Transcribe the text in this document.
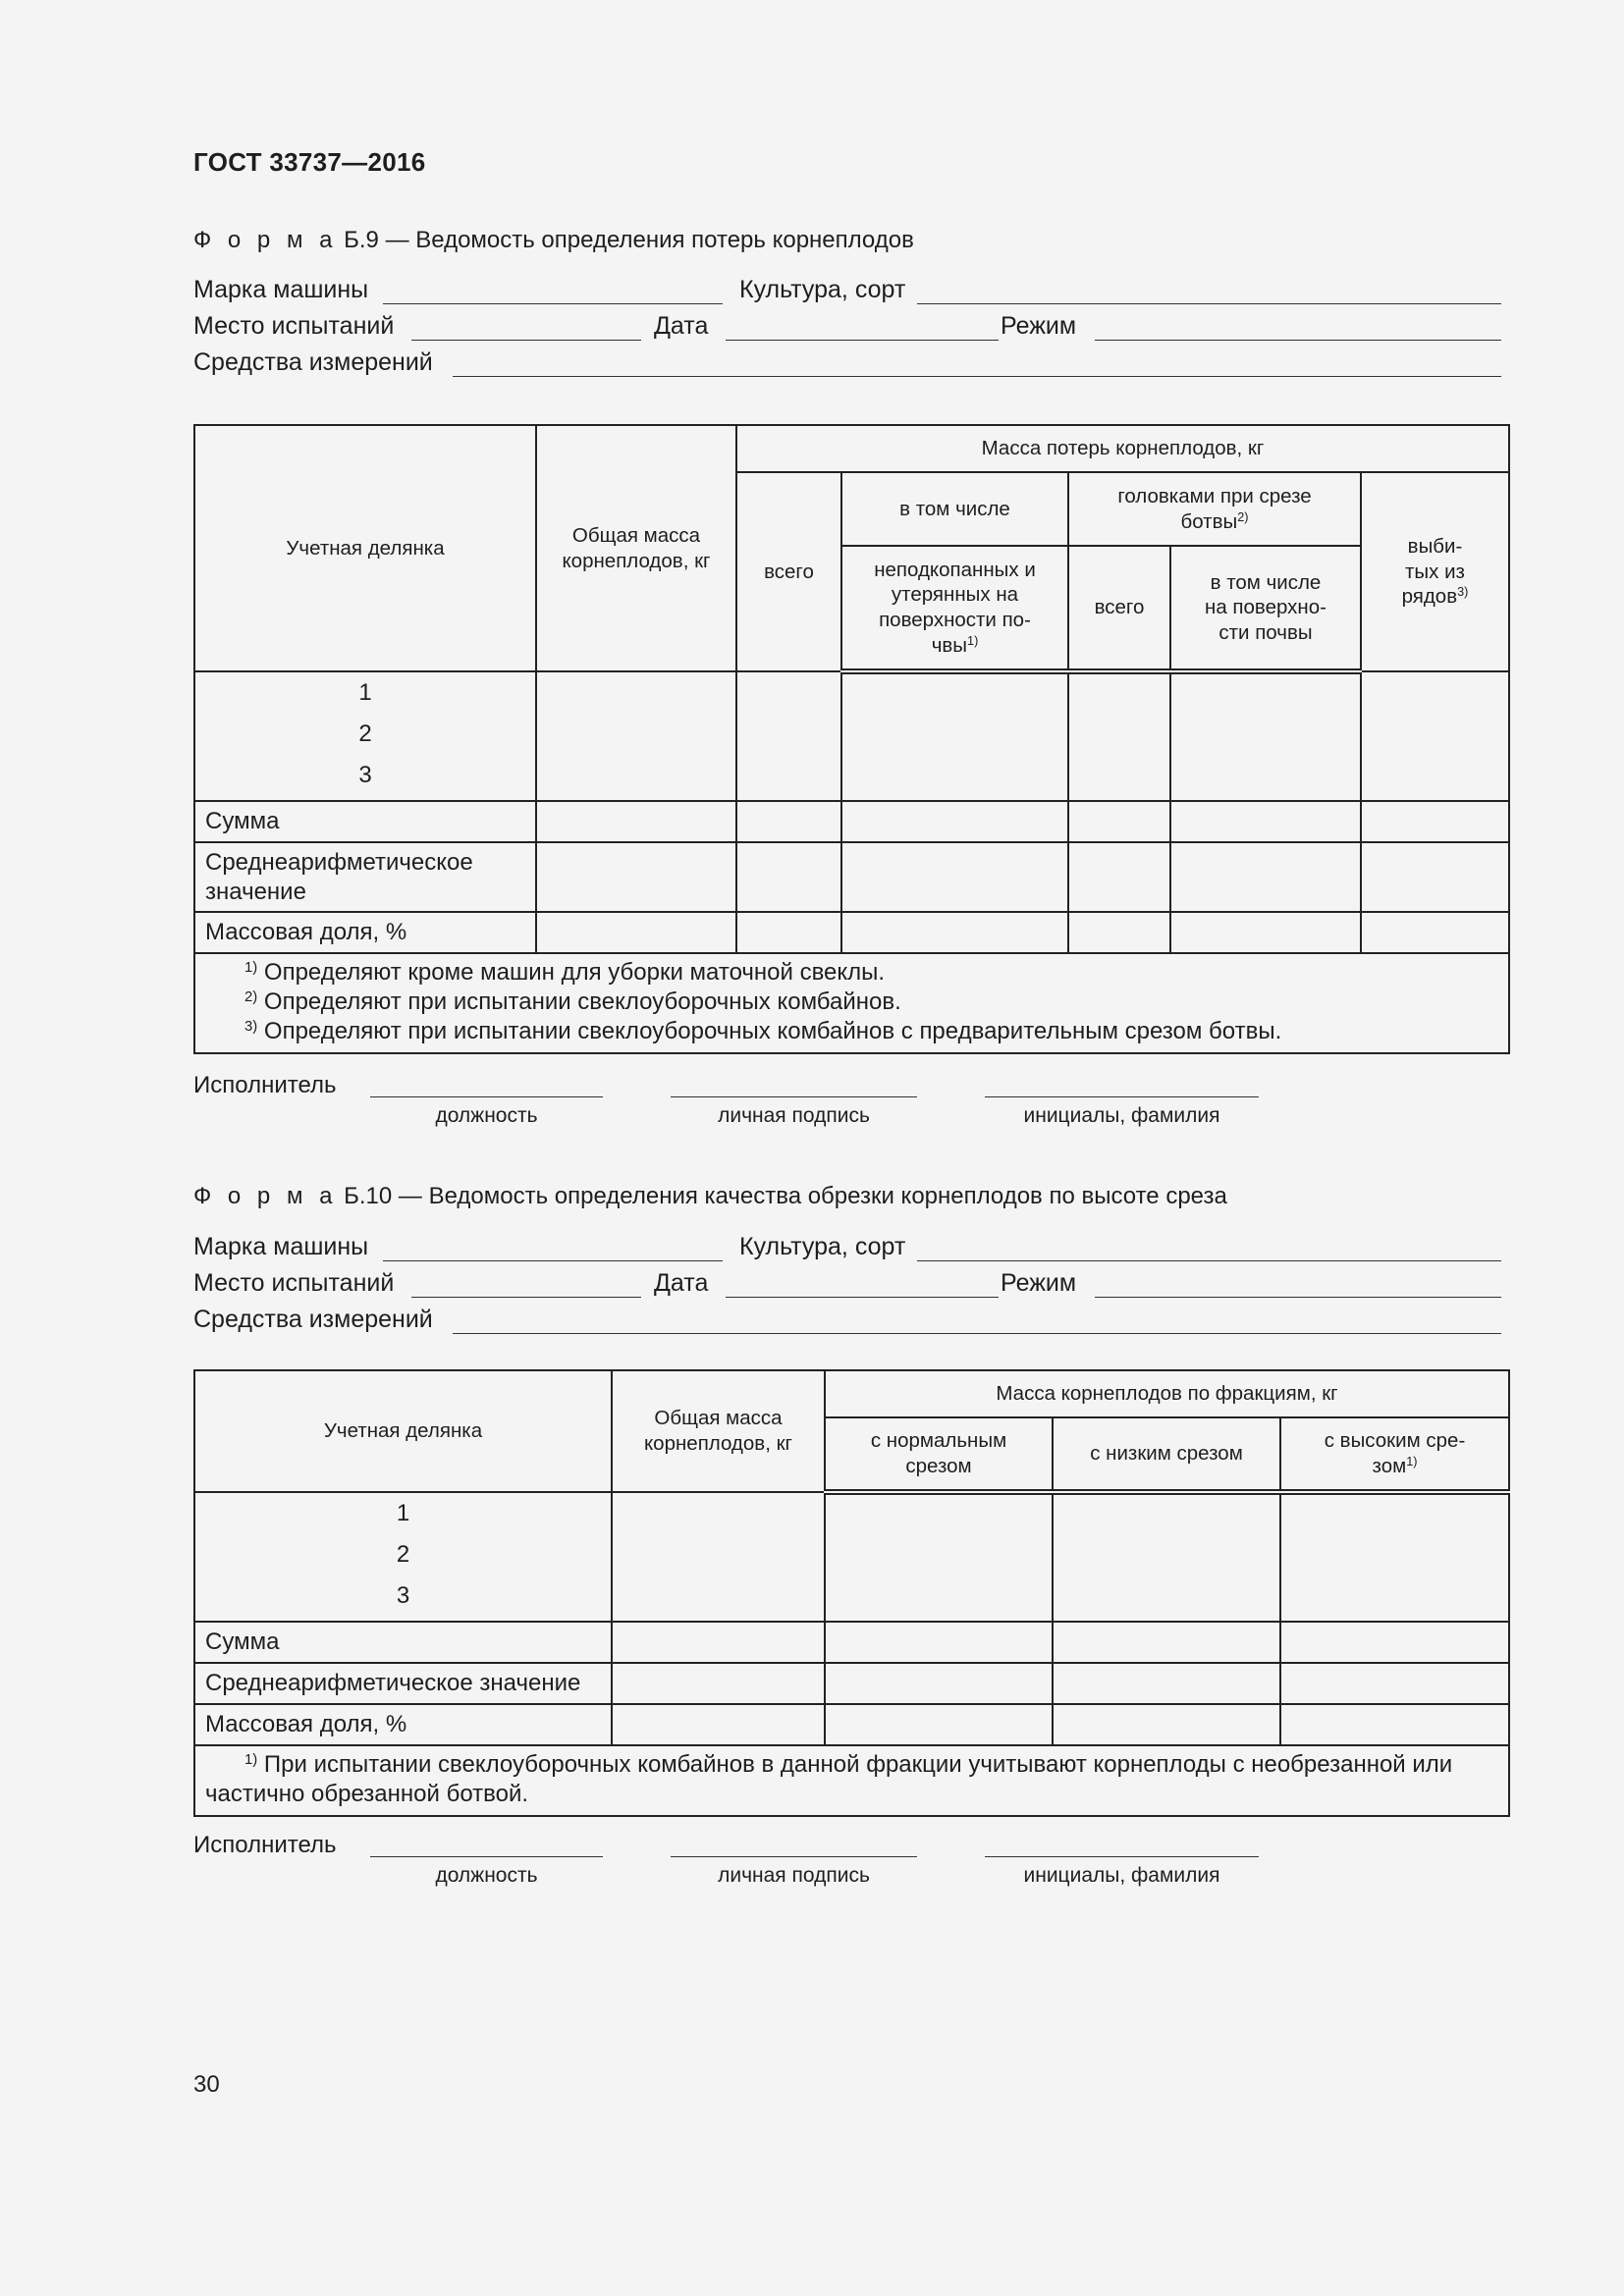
ГОСТ 33737—2016
Ф о р м а Б.9 — Ведомость определения потерь корнеплодов
Марка машины	Культура, сорт
Место испытаний	Дата	Режим
Средства измерений
Учетная делянка	Общая масса корнеплодов, кг	Масса потерь корнеплодов, кг				
		всего	в том числе	головками при срезе ботвы$^{2)}$		выби-тых из рядов$^{3)}$

			неподкопанных и утерянных на поверхности по-чвы$^{1)}$	всего	в том числе на поверхно-сти почвы	

1
2
3						

Сумма						
Среднеарифметическое значение						
Массовая доля, %						

$^{1)}$ Определяют кроме машин для уборки маточной свеклы.
$^{2)}$ Определяют при испытании свеклоуборочных комбайнов.
$^{3)}$ Определяют при испытании свеклоуборочных комбайнов с предварительным срезом ботвы.						
Исполнитель
должность	личная подпись	инициалы, фамилия
Ф о р м а Б.10 — Ведомость определения качества обрезки корнеплодов по высоте среза
Марка машины	Культура, сорт
Место испытаний	Дата	Режим
Средства измерений
Учетная делянка	Общая масса корнеплодов, кг	Масса корнеплодов по фракциям, кг		

		с нормальным срезом	с низким срезом	с высоким сре-зом$^{1)}$

1
2
3				

Сумма				
Среднеарифметическое значение				
Массовая доля, %				

$^{1)}$ При испытании свеклоуборочных комбайнов в данной фракции учитывают корнеплоды с необрезанной или частично обрезанной ботвой.				
Исполнитель
должность	личная подпись	инициалы, фамилия
30
